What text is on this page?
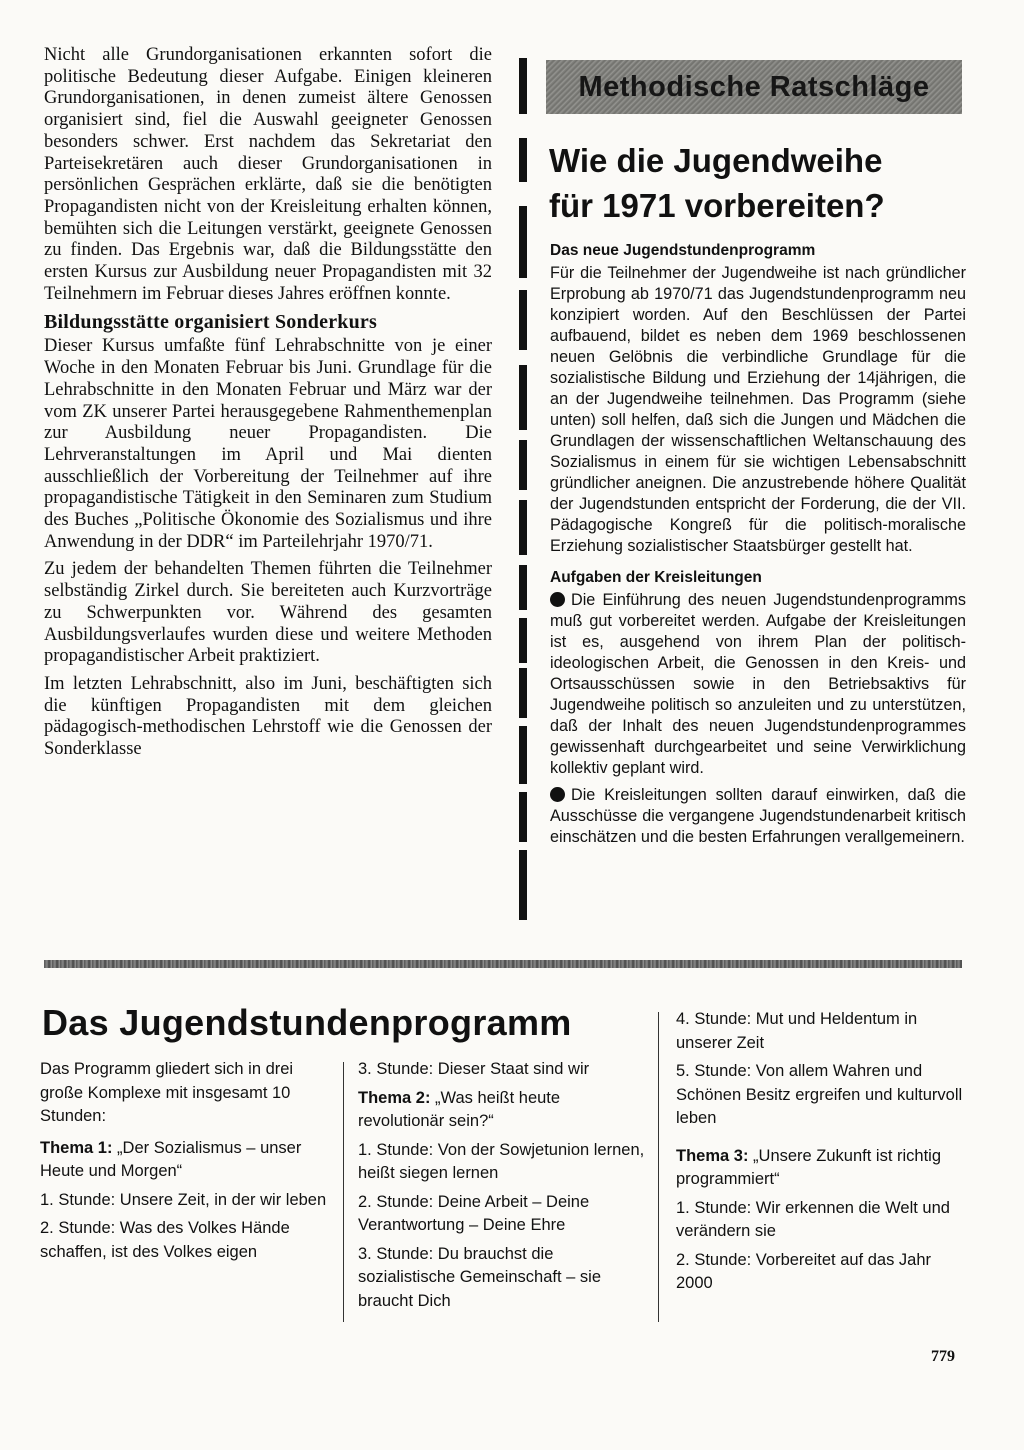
Nicht alle Grundorganisationen erkannten sofort die politische Bedeutung dieser Aufgabe. Einigen kleineren Grundorganisationen, in denen zumeist ältere Genossen organisiert sind, fiel die Auswahl geeigneter Genossen besonders schwer. Erst nachdem das Sekretariat den Parteisekretären auch dieser Grundorganisationen in persönlichen Gesprächen erklärte, daß sie die benötigten Propagandisten nicht von der Kreisleitung erhalten können, bemühten sich die Leitungen verstärkt, geeignete Genossen zu finden. Das Ergebnis war, daß die Bildungsstätte den ersten Kursus zur Ausbildung neuer Propagandisten mit 32 Teilnehmern im Februar dieses Jahres eröffnen konnte.

Bildungsstätte organisiert Sonderkurs

Dieser Kursus umfaßte fünf Lehrabschnitte von je einer Woche in den Monaten Februar bis Juni. Grundlage für die Lehrabschnitte in den Monaten Februar und März war der vom ZK unserer Partei herausgegebene Rahmenthemenplan zur Ausbildung neuer Propagandisten. Die Lehrveranstaltungen im April und Mai dienten ausschließlich der Vorbereitung der Teilnehmer auf ihre propagandistische Tätigkeit in den Seminaren zum Studium des Buches „Politische Ökonomie des Sozialismus und ihre Anwendung in der DDR“ im Parteilehrjahr 1970/71.

Zu jedem der behandelten Themen führten die Teilnehmer selbständig Zirkel durch. Sie bereiteten auch Kurzvorträge zu Schwerpunkten vor. Während des gesamten Ausbildungsverlaufes wurden diese und weitere Methoden propagandistischer Arbeit praktiziert.

Im letzten Lehrabschnitt, also im Juni, beschäftigten sich die künftigen Propagandisten mit dem gleichen pädagogisch-methodischen Lehrstoff wie die Genossen der Sonderklasse

Methodische Ratschläge
Wie die Jugendweihe
für 1971 vorbereiten?
Das neue Jugendstundenprogramm

Für die Teilnehmer der Jugendweihe ist nach gründlicher Erprobung ab 1970/71 das Jugendstundenprogramm neu konzipiert worden. Auf den Beschlüssen der Partei aufbauend, bildet es neben dem 1969 beschlossenen neuen Gelöbnis die verbindliche Grundlage für die sozialistische Bildung und Erziehung der 14jährigen, die an der Jugendweihe teilnehmen. Das Programm (siehe unten) soll helfen, daß sich die Jungen und Mädchen die Grundlagen der wissenschaftlichen Weltanschauung des Sozialismus in einem für sie wichtigen Lebensabschnitt gründlicher aneignen. Die anzustrebende höhere Qualität der Jugendstunden entspricht der Forderung, die der VII. Pädagogische Kongreß für die politisch-moralische Erziehung sozialistischer Staatsbürger gestellt hat.

Aufgaben der Kreisleitungen

Die Einführung des neuen Jugendstundenprogramms muß gut vorbereitet werden. Aufgabe der Kreisleitungen ist es, ausgehend von ihrem Plan der politisch-ideologischen Arbeit, die Genossen in den Kreis- und Ortsausschüssen sowie in den Betriebsaktivs für Jugendweihe politisch so anzuleiten und zu unterstützen, daß der Inhalt des neuen Jugendstundenprogrammes gewissenhaft durchgearbeitet und seine Verwirklichung kollektiv geplant wird.

Die Kreisleitungen sollten darauf einwirken, daß die Ausschüsse die vergangene Jugendstundenarbeit kritisch einschätzen und die besten Erfahrungen verallgemeinern.

Das Jugendstundenprogramm

Das Programm gliedert sich in drei große Komplexe mit insgesamt 10 Stunden:

Thema 1: „Der Sozialismus – unser Heute und Morgen“

1. Stunde: Unsere Zeit, in der wir leben

2. Stunde: Was des Volkes Hände schaffen, ist des Volkes eigen

3. Stunde: Dieser Staat sind wir

Thema 2: „Was heißt heute revolutionär sein?“

1. Stunde: Von der Sowjetunion lernen, heißt siegen lernen

2. Stunde: Deine Arbeit – Deine Verantwortung – Deine Ehre

3. Stunde: Du brauchst die sozialistische Gemeinschaft – sie braucht Dich

4. Stunde: Mut und Heldentum in unserer Zeit

5. Stunde: Von allem Wahren und Schönen Besitz ergreifen und kulturvoll leben

Thema 3: „Unsere Zukunft ist richtig programmiert“

1. Stunde: Wir erkennen die Welt und verändern sie

2. Stunde: Vorbereitet auf das Jahr 2000

779
